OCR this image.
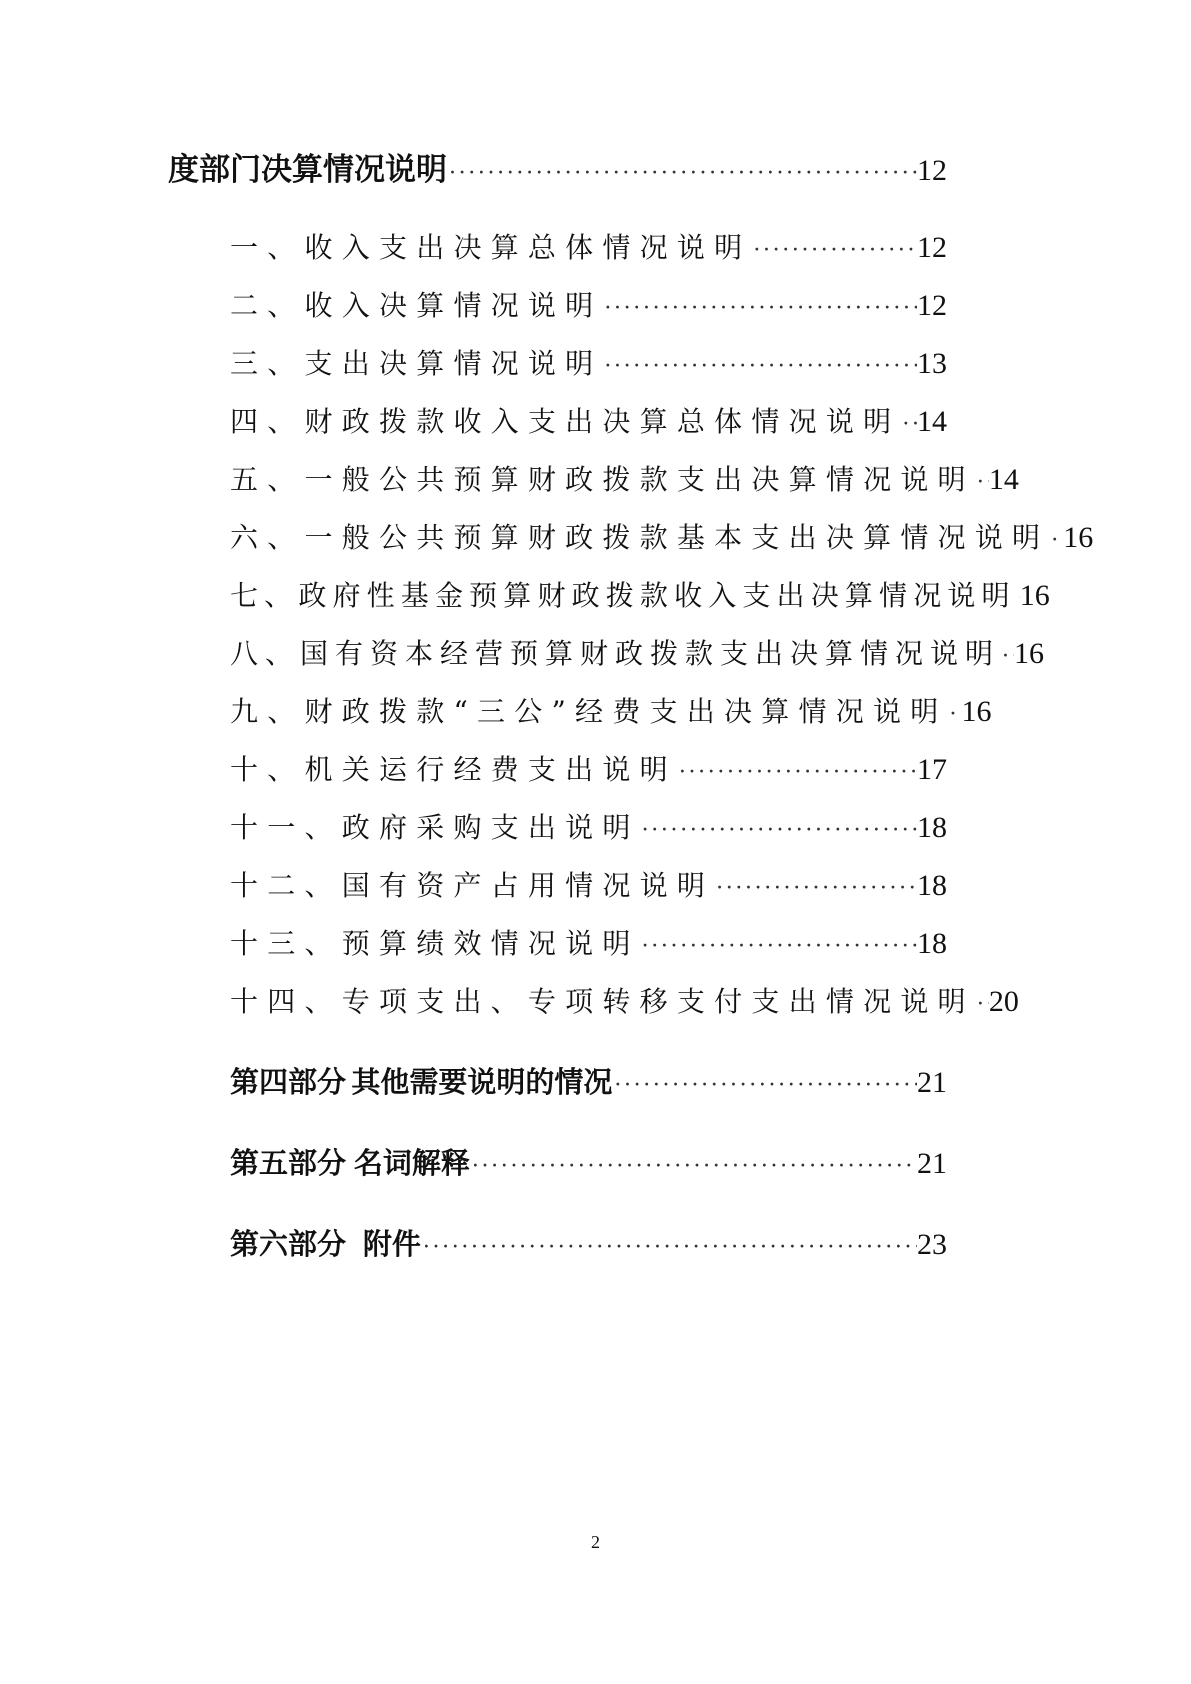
度部门决算情况说明 ·····	12
一、收入支出决算总体情况说明 ·····	12
二、收入决算情况说明 ·····	12
三、支出决算情况说明 ·····	13
四、财政拨款收入支出决算总体情况说明 ····· 14
五、一般公共预算财政拨款支出决算情况说明 ····· 14
六、一般公共预算财政拨款基本支出决算情况说明 ····· 16
七、政府性基金预算财政拨款收入支出决算情况说明 ····· 16
八、国有资本经营预算财政拨款支出决算情况说明 ····· 16
九、财政拨款“三公”经费支出决算情况说明 ····· 16
十、机关运行经费支出说明 ·····	17
十一、政府采购支出说明 ·····	18
十二、国有资产占用情况说明 ·····	18
十三、预算绩效情况说明 ·····	18
十四、专项支出、专项转移支付支出情况说明 ····· 20
第四部分 其他需要说明的情况 ·····	21
第五部分 名词解释 ·····	21
第六部分 附件 ·····	23
2
